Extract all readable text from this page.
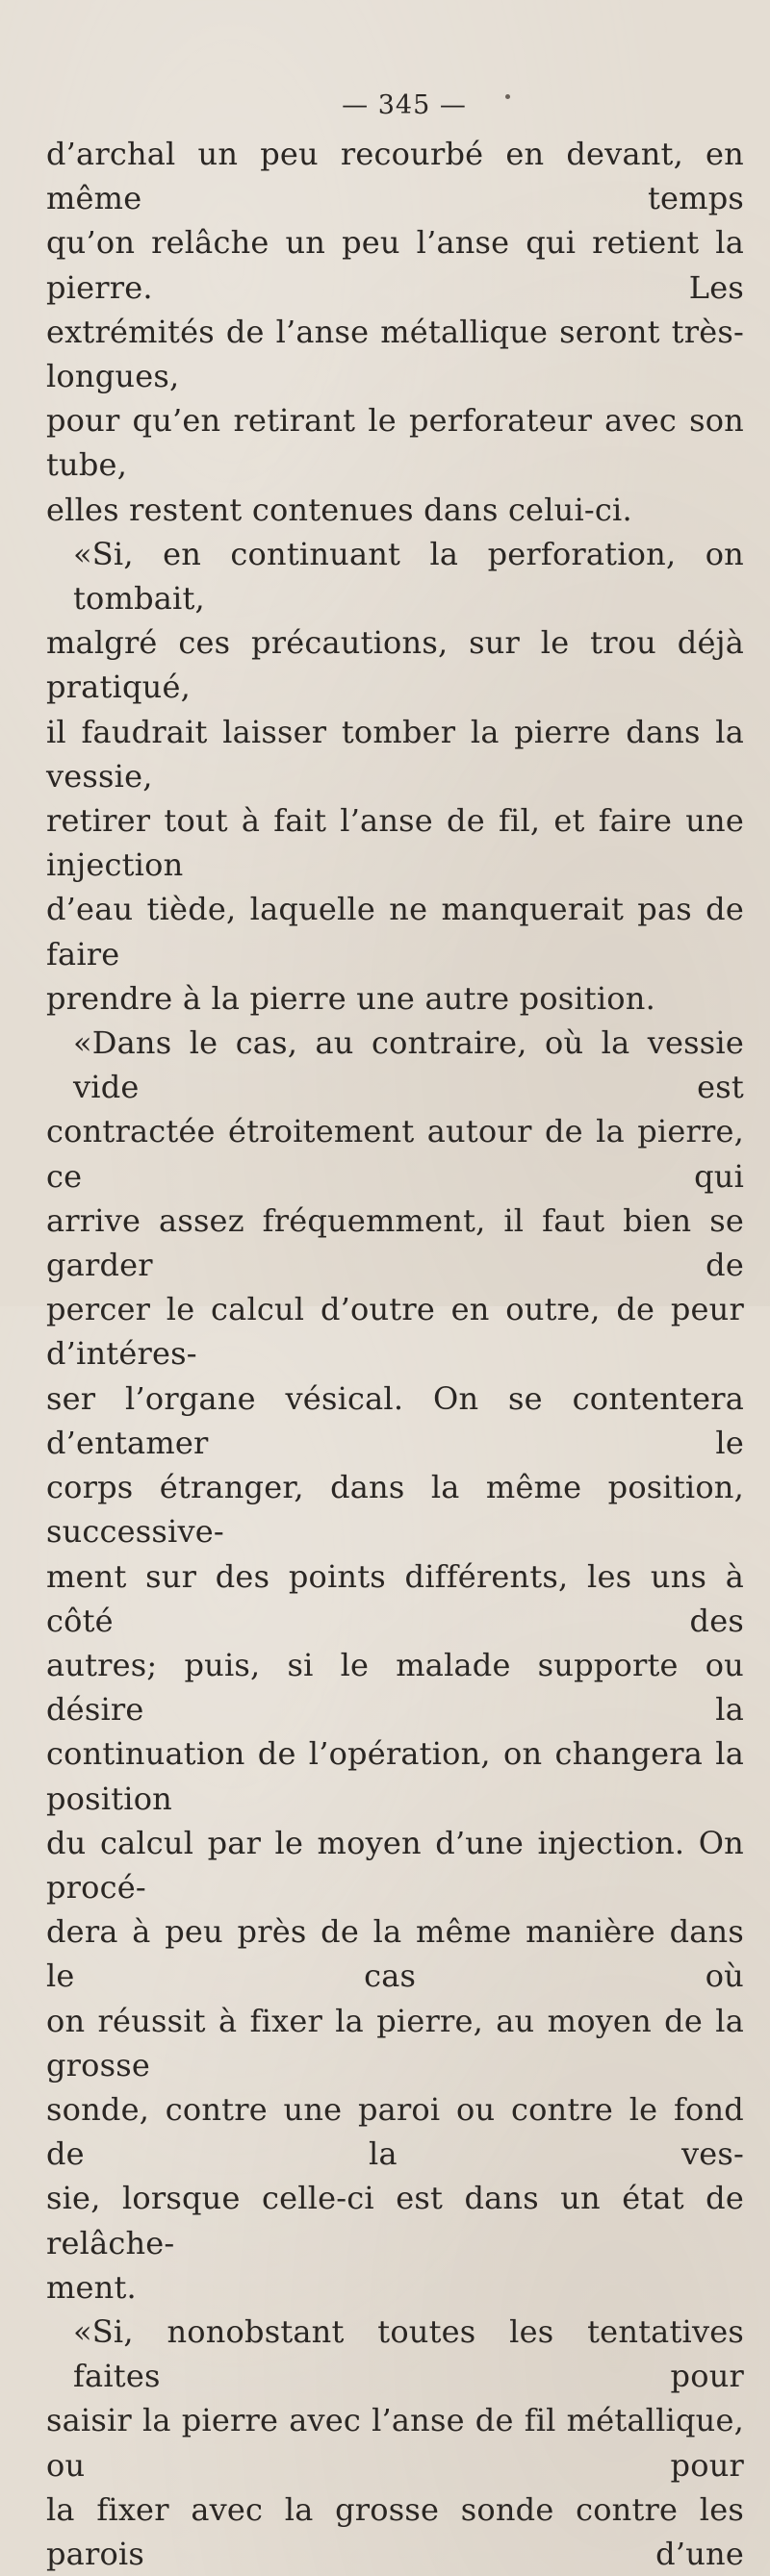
— 345 —
d’archal un peu recourbé en devant, en même temps
qu’on relâche un peu l’anse qui retient la pierre. Les
extrémités de l’anse métallique seront très-longues,
pour qu’en retirant le perforateur avec son tube,
elles restent contenues dans celui-ci.
«Si, en continuant la perforation, on tombait,
malgré ces précautions, sur le trou déjà pratiqué,
il faudrait laisser tomber la pierre dans la vessie,
retirer tout à fait l’anse de fil, et faire une injection
d’eau tiède, laquelle ne manquerait pas de faire
prendre à la pierre une autre position.
«Dans le cas, au contraire, où la vessie vide est
contractée étroitement autour de la pierre, ce qui
arrive assez fréquemment, il faut bien se garder de
percer le calcul d’outre en outre, de peur d’intéres-
ser l’organe vésical. On se contentera d’entamer le
corps étranger, dans la même position, successive-
ment sur des points différents, les uns à côté des
autres; puis, si le malade supporte ou désire la
continuation de l’opération, on changera la position
du calcul par le moyen d’une injection. On procé-
dera à peu près de la même manière dans le cas où
on réussit à fixer la pierre, au moyen de la grosse
sonde, contre une paroi ou contre le fond de la ves-
sie, lorsque celle-ci est dans un état de relâche-
ment.
«Si, nonobstant toutes les tentatives faites pour
saisir la pierre avec l’anse de fil métallique, ou pour
la fixer avec la grosse sonde contre les parois d’une
